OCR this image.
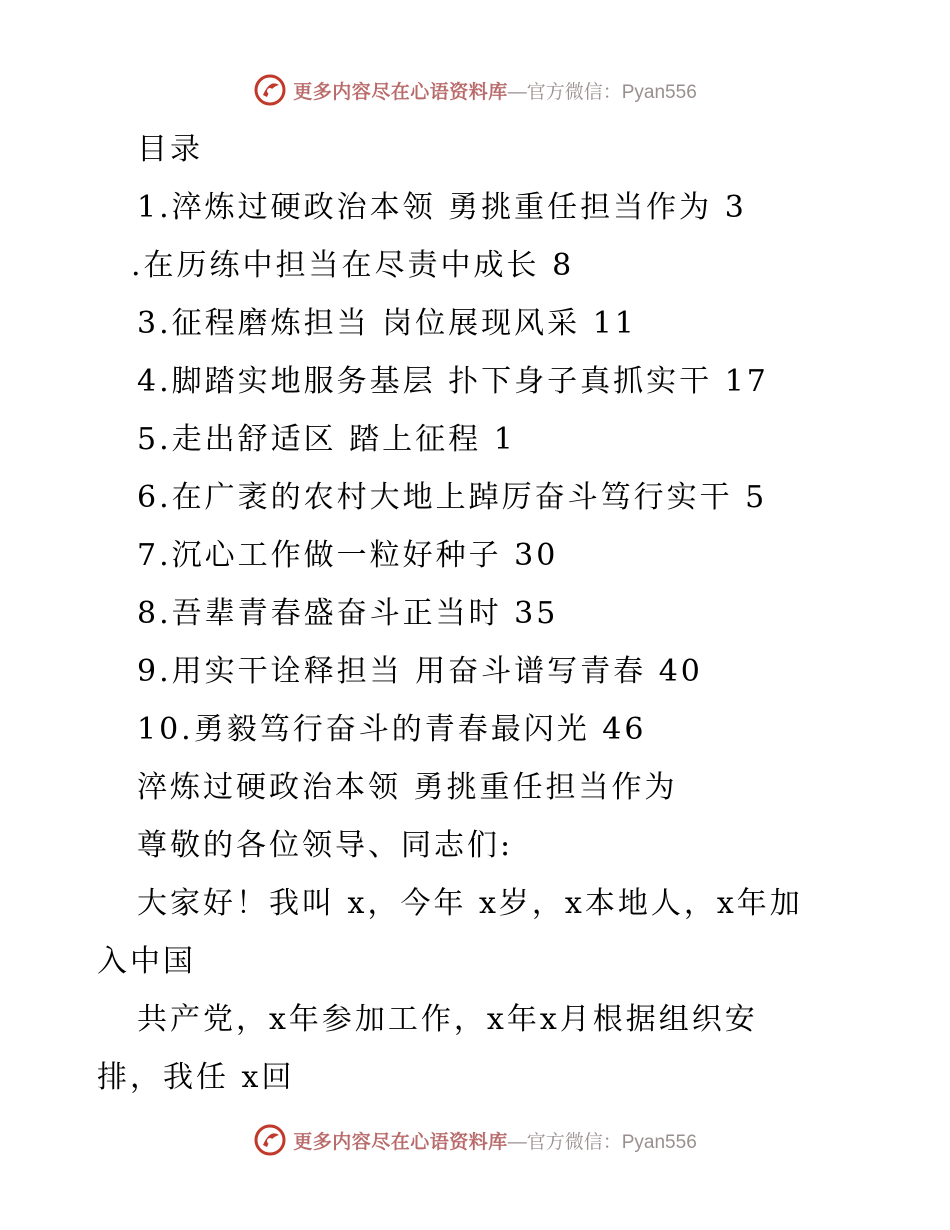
更多内容尽在心语资料库 —官方微信：Pyan556
目录
1.淬炼过硬政治本领 勇挑重任担当作为 3
.在历练中担当在尽责中成长 8
3.征程磨炼担当 岗位展现风采 11
4.脚踏实地服务基层 扑下身子真抓实干 17
5.走出舒适区 踏上征程 1
6.在广袤的农村大地上踔厉奋斗笃行实干 5
7.沉心工作做一粒好种子 30
8.吾辈青春盛奋斗正当时 35
9.用实干诠释担当 用奋斗谱写青春 40
10.勇毅笃行奋斗的青春最闪光 46
淬炼过硬政治本领 勇挑重任担当作为
尊敬的各位领导、同志们:
大家好！我叫 x，今年 x岁，x本地人，x年加
入中国
共产党，x年参加工作，x年x月根据组织安
排，我任 x回
更多内容尽在心语资料库 —官方微信：Pyan556
